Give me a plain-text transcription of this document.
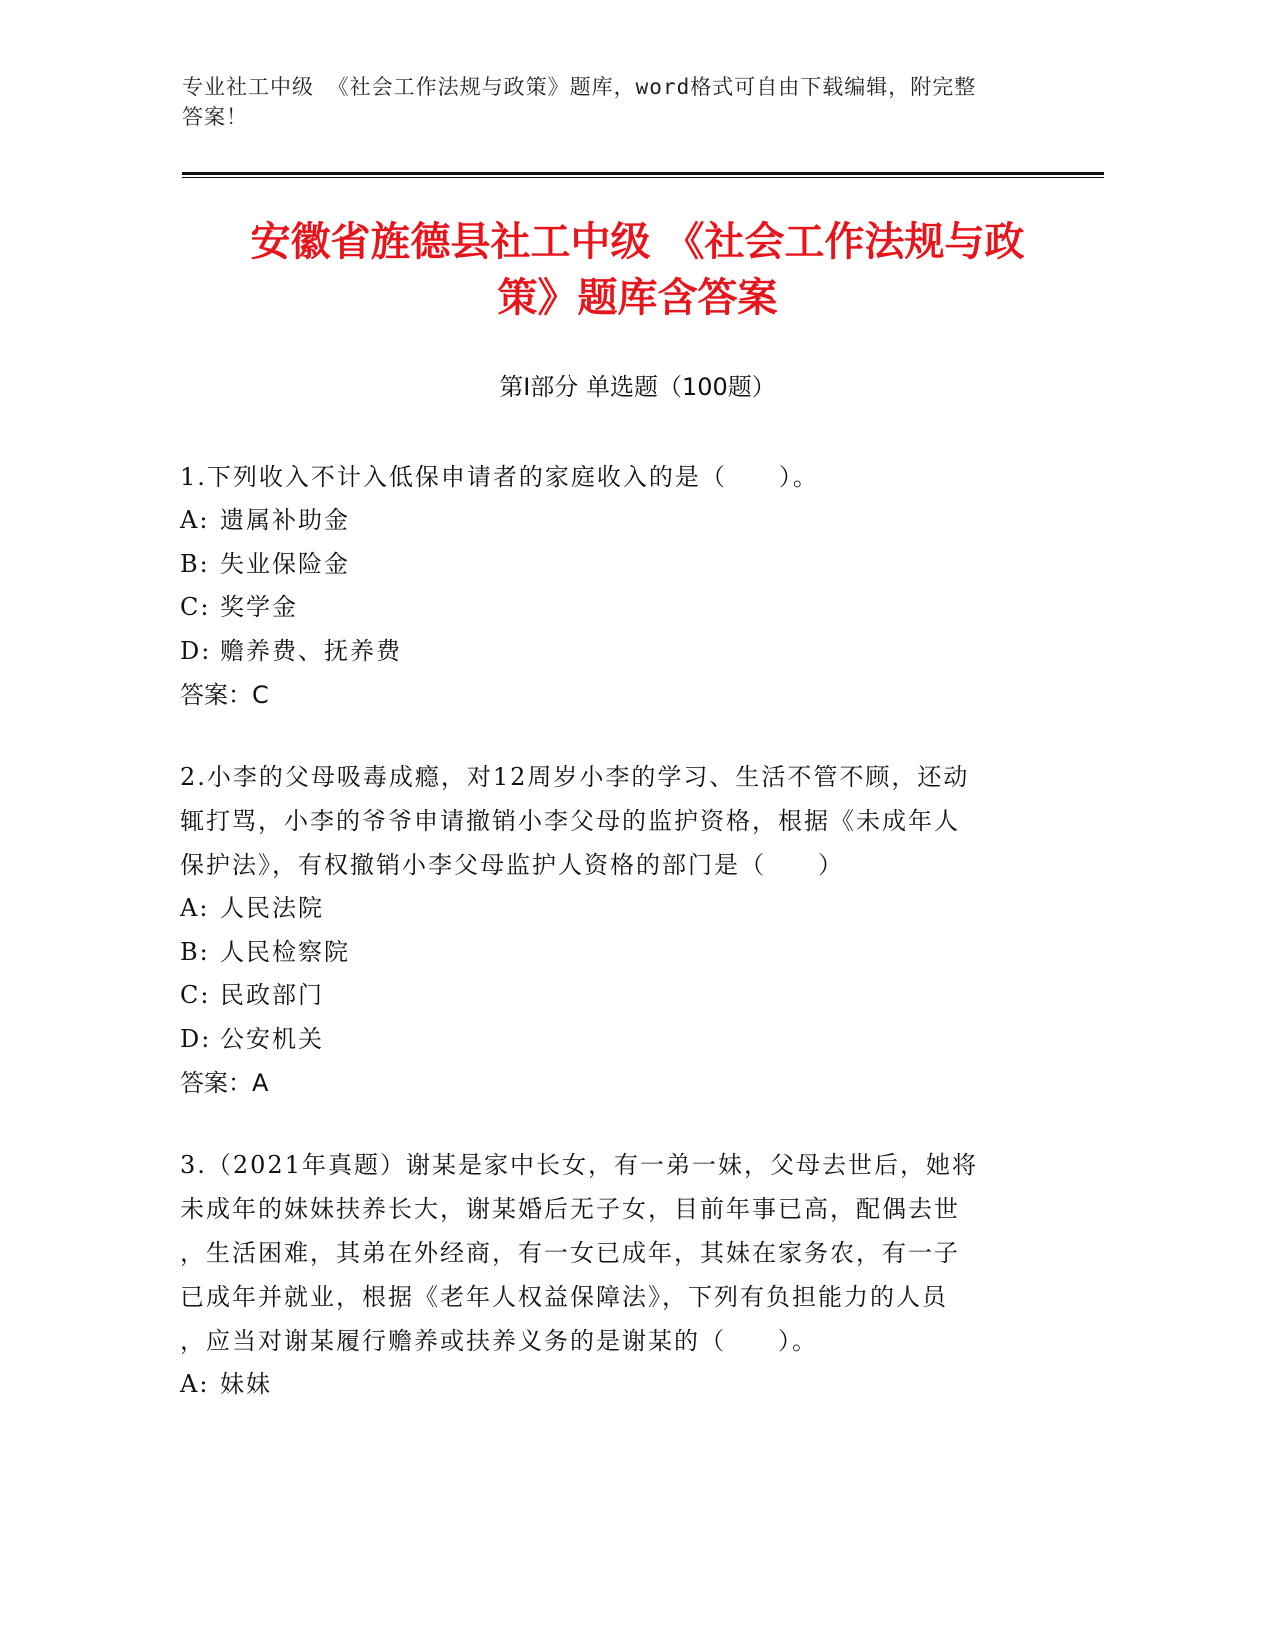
专业社工中级 《社会工作法规与政策》题库，word格式可自由下载编辑，附完整
答案！
安徽省旌德县社工中级 《社会工作法规与政
策》题库含答案
第Ⅰ部分 单选题（100题）

1.下列收入不计入低保申请者的家庭收入的是（　　）。

A: 遗属补助金

B: 失业保险金

C: 奖学金

D: 赡养费、抚养费

答案：C

2.小李的父母吸毒成瘾，对12周岁小李的学习、生活不管不顾，还动

辄打骂，小李的爷爷申请撤销小李父母的监护资格，根据《未成年人

保护法》，有权撤销小李父母监护人资格的部门是（　　）

A: 人民法院

B: 人民检察院

C: 民政部门

D: 公安机关

答案：A

3.（2021年真题）谢某是家中长女，有一弟一妹，父母去世后，她将

未成年的妹妹扶养长大，谢某婚后无子女，目前年事已高，配偶去世

，生活困难，其弟在外经商，有一女已成年，其妹在家务农，有一子

已成年并就业，根据《老年人权益保障法》，下列有负担能力的人员

，应当对谢某履行赡养或扶养义务的是谢某的（　　）。

A: 妹妹
